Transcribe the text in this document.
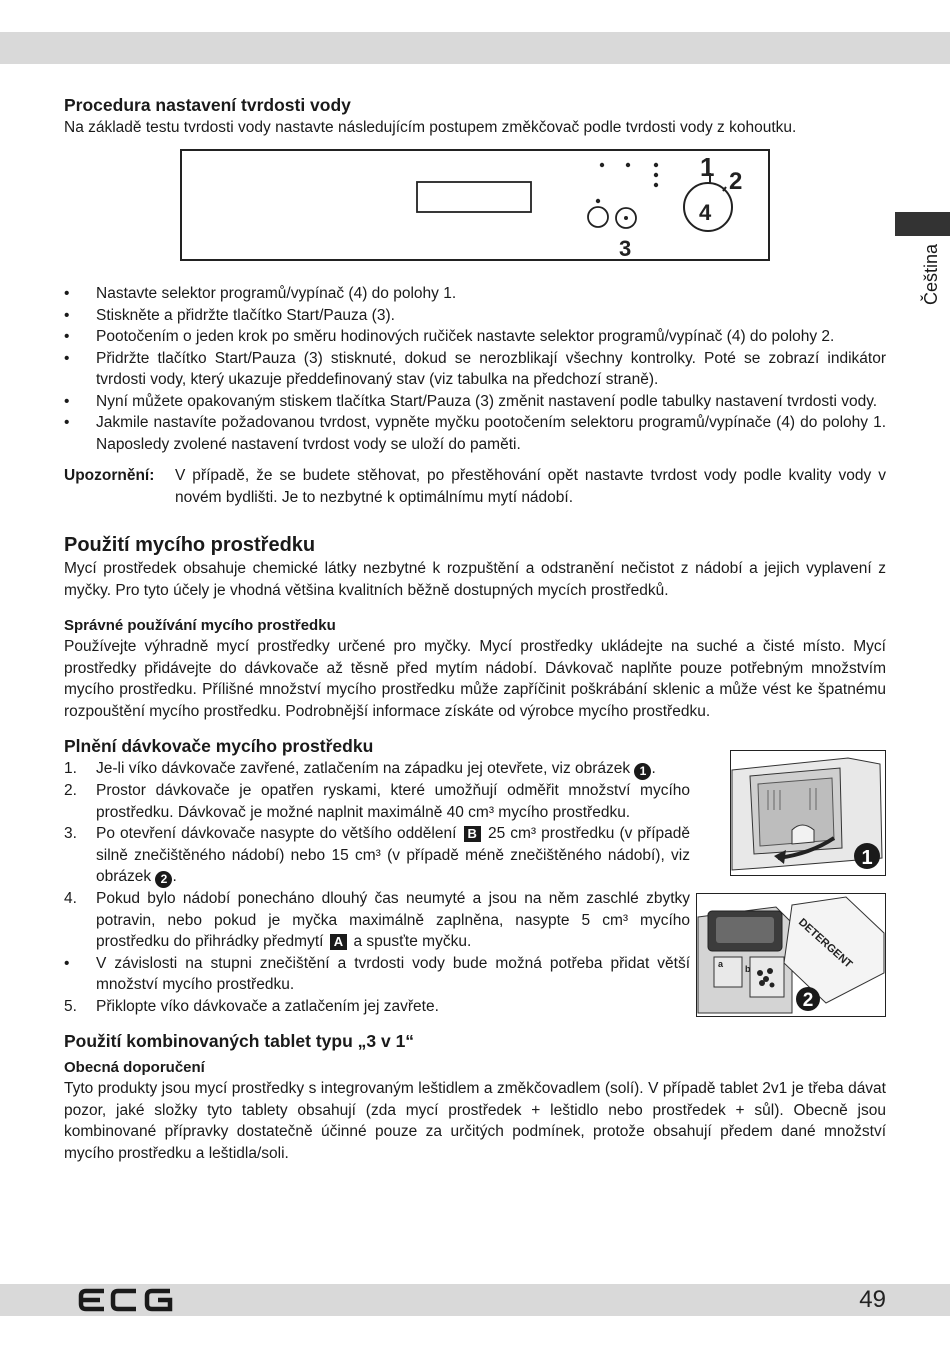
Čeština
Procedura nastavení tvrdosti vody

Na základě testu tvrdosti vody nastavte následujícím postupem změkčovač podle tvrdosti vody z kohoutku.

1 2
4
3
• Nastavte selektor programů/vypínač (4) do polohy 1.
• Stiskněte a přidržte tlačítko Start/Pauza (3).
• Pootočením o jeden krok po směru hodinových ručiček nastavte selektor programů/vypínač (4) do polohy 2.
• Přidržte tlačítko Start/Pauza (3) stisknuté, dokud se nerozblikají všechny kontrolky. Poté se zobrazí indikátor tvrdosti vody, který ukazuje předdefinovaný stav (viz tabulka na předchozí straně).
• Nyní můžete opakovaným stiskem tlačítka Start/Pauza (3) změnit nastavení podle tabulky nastavení tvrdosti vody.
• Jakmile nastavíte požadovanou tvrdost, vypněte myčku pootočením selektoru programů/vypínače (4) do polohy 1. Naposledy zvolené nastavení tvrdost vody se uloží do paměti.
Upozornění:	V případě, že se budete stěhovat, po přestěhování opět nastavte tvrdost vody podle kvality vody v novém bydlišti. Je to nezbytné k optimálnímu mytí nádobí.
Použití mycího prostředku

Mycí prostředek obsahuje chemické látky nezbytné k rozpuštění a odstranění nečistot z nádobí a jejich vyplavení z myčky. Pro tyto účely je vhodná většina kvalitních běžně dostupných mycích prostředků.

Správné používání mycího prostředku

Používejte výhradně mycí prostředky určené pro myčky. Mycí prostředky ukládejte na suché a čisté místo. Mycí prostředky přidávejte do dávkovače až těsně před mytím nádobí. Dávkovač naplňte pouze potřebným množstvím mycího prostředku. Přílišné množství mycího prostředku může zapříčinit poškrábání sklenic a může vést ke špatnému rozpouštění mycího prostředku. Podrobnější informace získáte od výrobce mycího prostředku.

Plnění dávkovače mycího prostředku
1. Je-li víko dávkovače zavřené, zatlačením na západku jej otevřete, viz obrázek 1 .
2. Prostor dávkovače je opatřen ryskami, které umožňují odměřit množství mycího prostředku. Dávkovač je možné naplnit maximálně 40 cm³ mycího prostředku.
3. Po otevření dávkovače nasypte do většího oddělení B 25 cm³ prostředku (v případě silně znečištěného nádobí) nebo 15 cm³ (v případě méně znečištěného nádobí), viz obrázek 2 .
4. Pokud bylo nádobí ponecháno dlouhý čas neumyté a jsou na něm zaschlé zbytky potravin, nebo pokud je myčka maximálně zaplněna, nasypte 5 cm³ mycího prostředku do přihrádky předmytí A a spusťte myčku.
• V závislosti na stupni znečištění a tvrdosti vody bude možná potřeba přidat větší množství mycího prostředku.
5. Přiklopte víko dávkovače a zatlačením jej zavřete.
1
DETERGENT
a b
2
Použití kombinovaných tablet typu „3 v 1“
Obecná doporučení

Tyto produkty jsou mycí prostředky s integrovaným leštidlem a změkčovadlem (solí). V případě tablet 2v1 je třeba dávat pozor, jaké složky tyto tablety obsahují (zda mycí prostředek + leštidlo nebo prostředek + sůl). Obecně jsou kombinované přípravky dostatečně účinné pouze za určitých podmínek, protože obsahují předem dané množství mycího prostředku a leštidla/soli.

49
